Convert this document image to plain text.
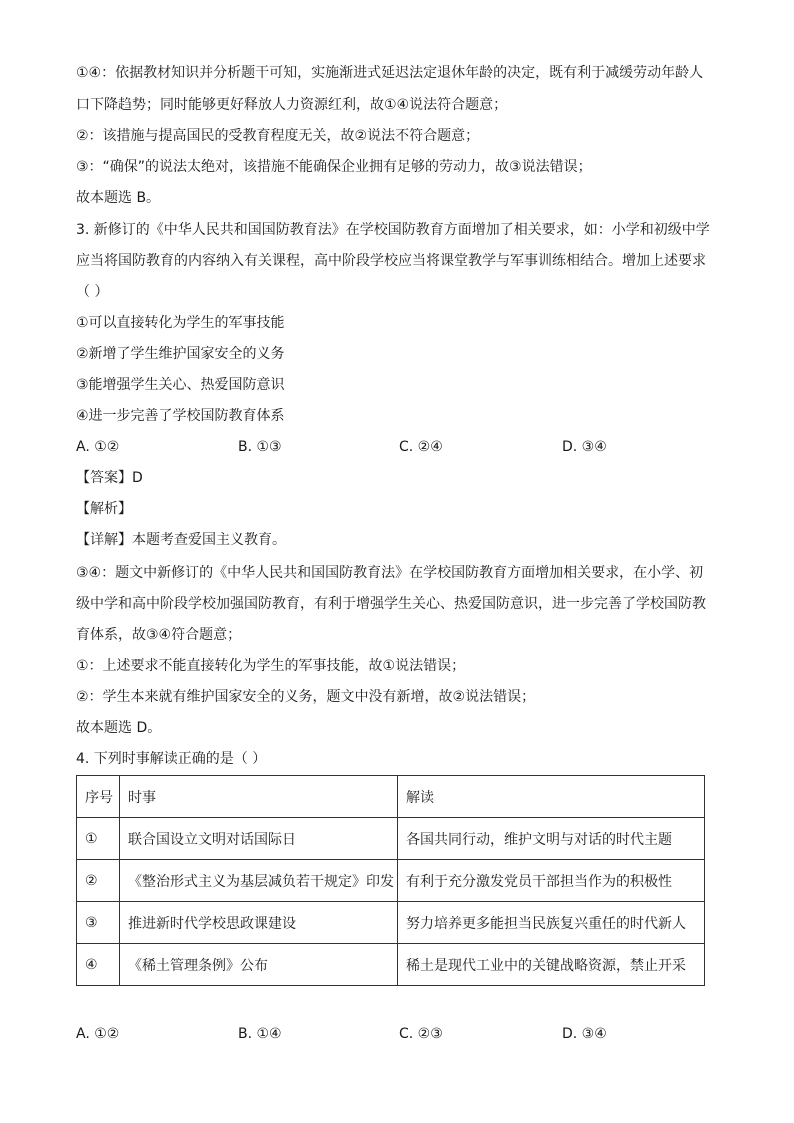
①④：依据教材知识并分析题干可知，实施渐进式延迟法定退休年龄的决定，既有利于减缓劳动年龄人
口下降趋势；同时能够更好释放人力资源红利，故①④说法符合题意；
②：该措施与提高国民的受教育程度无关，故②说法不符合题意；
③：“确保”的说法太绝对，该措施不能确保企业拥有足够的劳动力，故③说法错误；
故本题选 B。
3. 新修订的《中华人民共和国国防教育法》在学校国防教育方面增加了相关要求，如：小学和初级中学
应当将国防教育的内容纳入有关课程，高中阶段学校应当将课堂教学与军事训练相结合。增加上述要求
（ ）
①可以直接转化为学生的军事技能
②新增了学生维护国家安全的义务
③能增强学生关心、热爱国防意识
④进一步完善了学校国防教育体系
A. ①②	B. ①③	C. ②④	D. ③④
【答案】D
【解析】
【详解】本题考查爱国主义教育。
③④：题文中新修订的《中华人民共和国国防教育法》在学校国防教育方面增加相关要求，在小学、初
级中学和高中阶段学校加强国防教育，有利于增强学生关心、热爱国防意识，进一步完善了学校国防教
育体系，故③④符合题意；
①：上述要求不能直接转化为学生的军事技能，故①说法错误；
②：学生本来就有维护国家安全的义务，题文中没有新增，故②说法错误；
故本题选 D。
4. 下列时事解读正确的是（ ）
序号	时事	解读
①	联合国设立文明对话国际日	各国共同行动，维护文明与对话的时代主题
②	《整治形式主义为基层减负若干规定》印发	有利于充分激发党员干部担当作为的积极性
③	推进新时代学校思政课建设	努力培养更多能担当民族复兴重任的时代新人
④	《稀土管理条例》公布	稀土是现代工业中的关键战略资源，禁止开采
A. ①②	B. ①④	C. ②③	D. ③④
